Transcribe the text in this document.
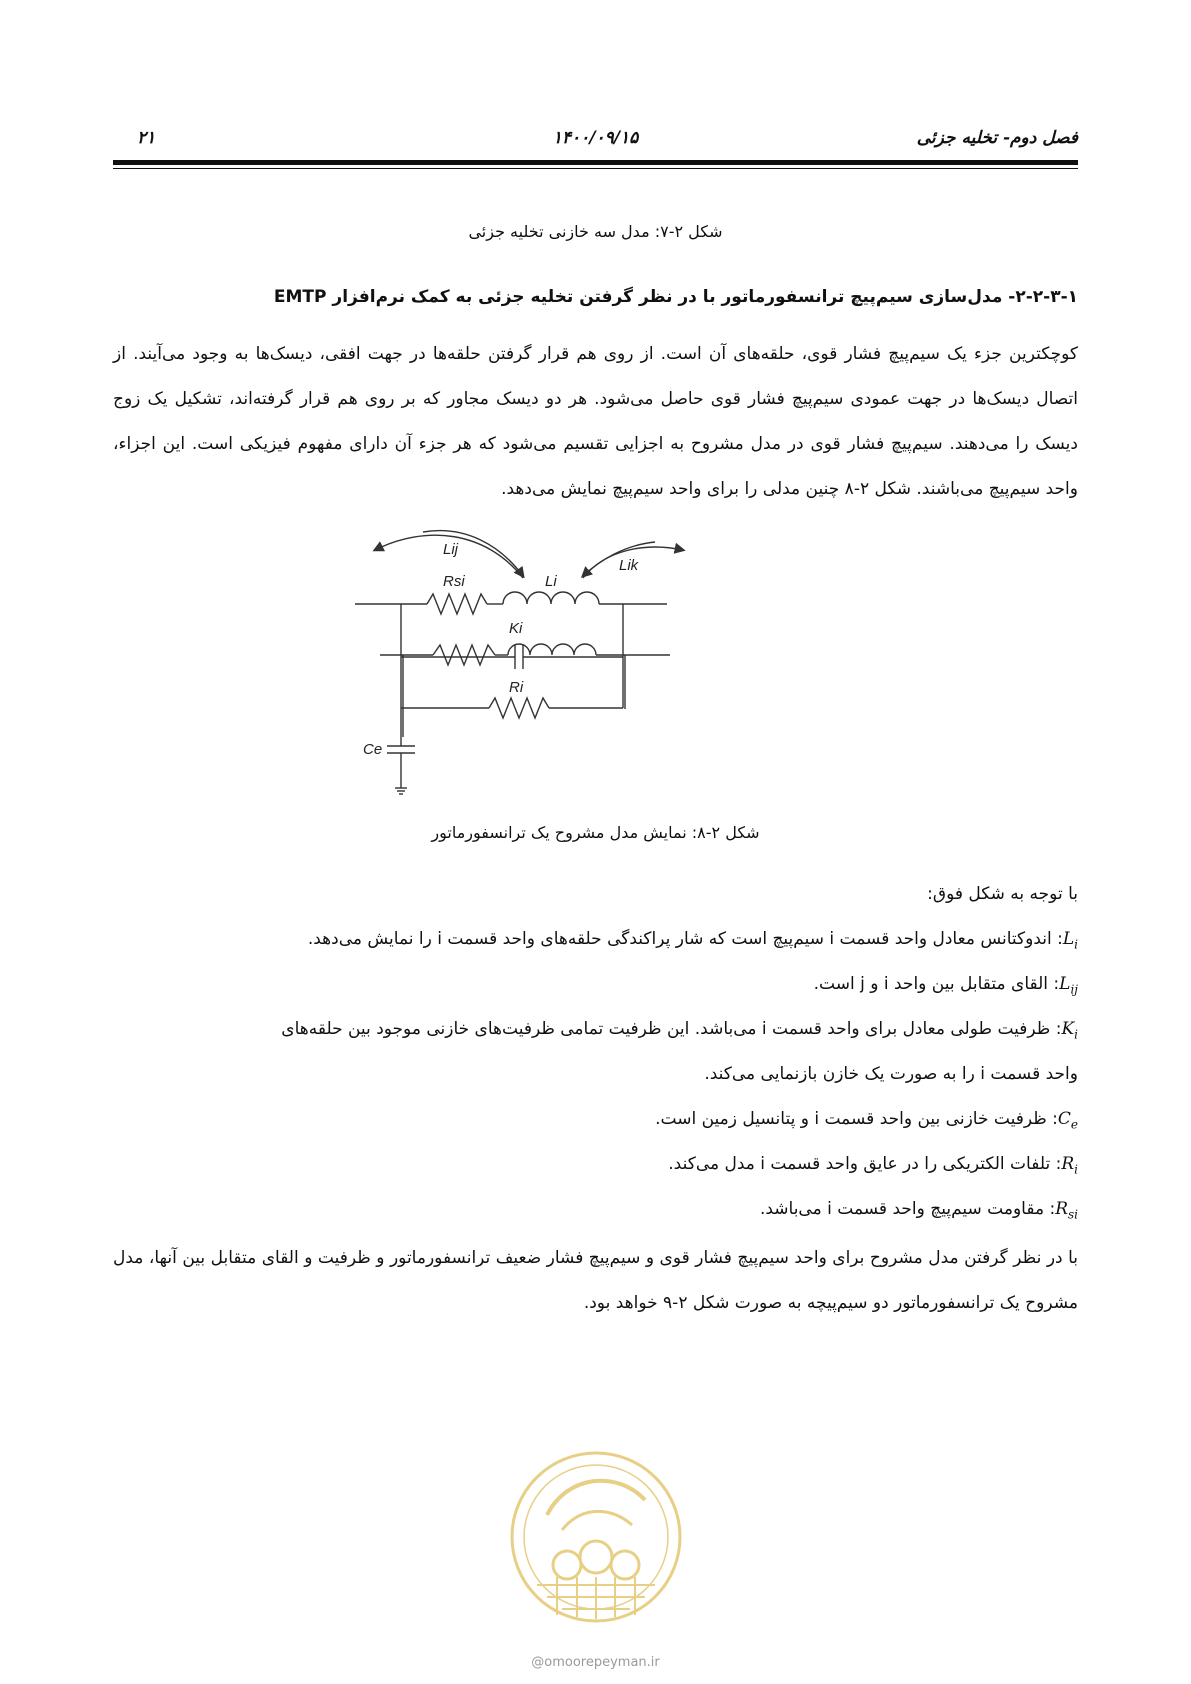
فصل دوم- تخلیه جزئی
۱۴۰۰/۰۹/۱۵
۲۱
شکل ۲-۷: مدل سه خازنی تخلیه جزئی
۲-۲-۳-۱- مدل‌سازی سیم‌پیچ ترانسفورماتور با در نظر گرفتن تخلیه جزئی به کمک نرم‌افزار EMTP
کوچکترین جزء یک سیم‌پیچ فشار قوی، حلقه‌های آن است. از روی هم قرار گرفتن حلقه‌ها در جهت افقی، دیسک‌ها به وجود می‌آیند. از اتصال دیسک‌ها در جهت عمودی سیم‌پیچ فشار قوی حاصل می‌شود. هر دو دیسک مجاور که بر روی هم قرار گرفته‌اند، تشکیل یک زوج دیسک را می‌دهند. سیم‌پیچ فشار قوی در مدل مشروح به اجزایی تقسیم می‌شود که هر جزء آن دارای مفهوم فیزیکی است. این اجزاء، واحد سیم‌پیچ می‌باشند. شکل ۲-۸ چنین مدلی را برای واحد سیم‌پیچ نمایش می‌دهد.
Lij
Rsi	Li
Lik
Ki
Ri
Ce
شکل ۲-۸: نمایش مدل مشروح یک ترانسفورماتور
با توجه به شکل فوق:
$L_i$: اندوکتانس معادل واحد قسمت i سیم‌پیچ است که شار پراکندگی حلقه‌های واحد قسمت i را نمایش می‌دهد.
$L_{ij}$: القای متقابل بین واحد i و j است.
$K_i$: ظرفیت طولی معادل برای واحد قسمت i می‌باشد. این ظرفیت تمامی ظرفیت‌های خازنی موجود بین حلقه‌های
واحد قسمت i را به صورت یک خازن بازنمایی می‌کند.
$C_e$: ظرفیت خازنی بین واحد قسمت i و پتانسیل زمین است.
$R_i$: تلفات الکتریکی را در عایق واحد قسمت i مدل می‌کند.
$R_{si}$: مقاومت سیم‌پیچ واحد قسمت i می‌باشد.
با در نظر گرفتن مدل مشروح برای واحد سیم‌پیچ فشار قوی و سیم‌پیچ فشار ضعیف ترانسفورماتور و ظرفیت و القای متقابل بین آنها، مدل مشروح یک ترانسفورماتور دو سیم‌پیچه به صورت شکل ۲-۹ خواهد بود.
@omoorepeyman.ir
